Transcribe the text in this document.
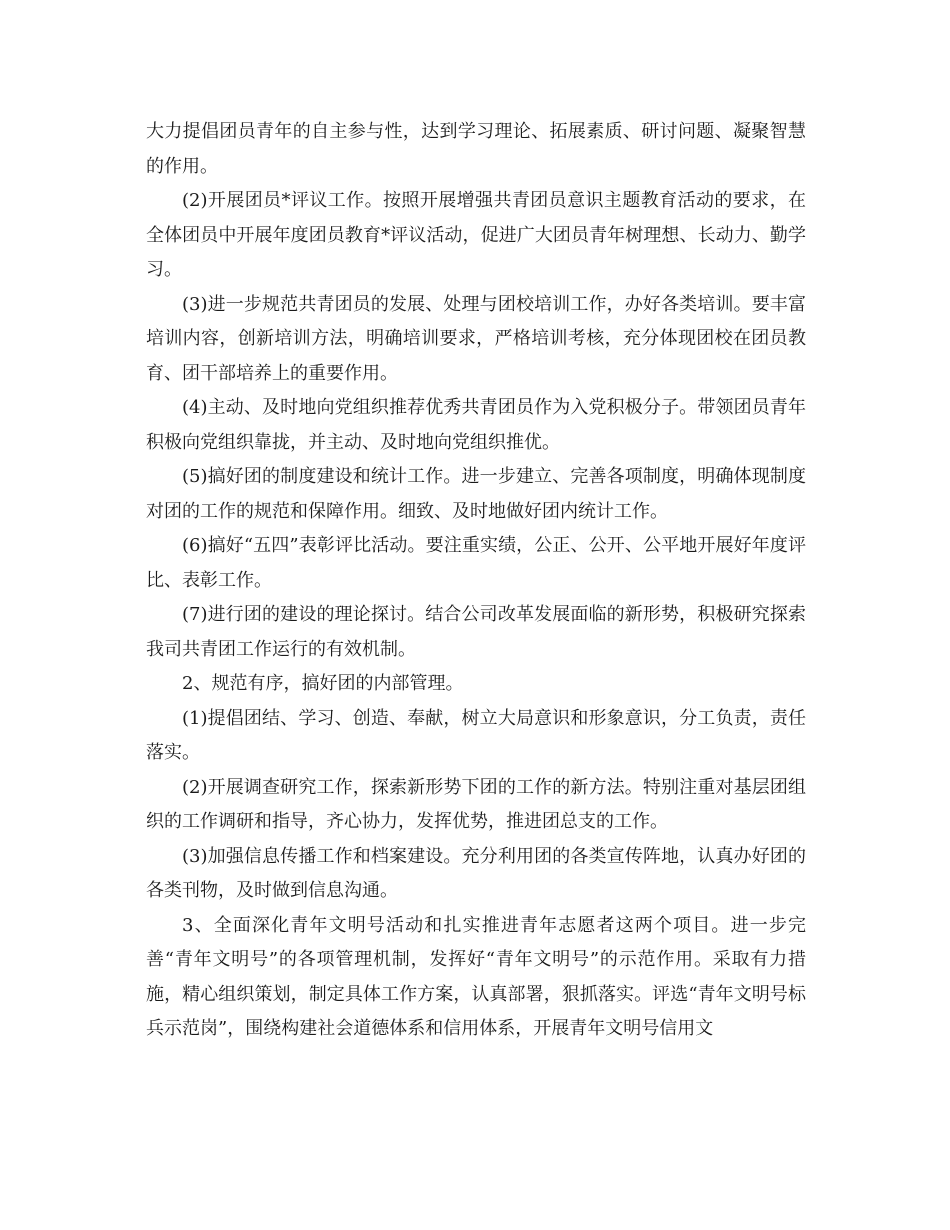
大力提倡团员青年的自主参与性，达到学习理论、拓展素质、研讨问题、凝聚智慧的作用。

(2)开展团员*评议工作。按照开展增强共青团员意识主题教育活动的要求，在全体团员中开展年度团员教育*评议活动，促进广大团员青年树理想、长动力、勤学习。

(3)进一步规范共青团员的发展、处理与团校培训工作，办好各类培训。要丰富培训内容，创新培训方法，明确培训要求，严格培训考核，充分体现团校在团员教育、团干部培养上的重要作用。

(4)主动、及时地向党组织推荐优秀共青团员作为入党积极分子。带领团员青年积极向党组织靠拢，并主动、及时地向党组织推优。

(5)搞好团的制度建设和统计工作。进一步建立、完善各项制度，明确体现制度对团的工作的规范和保障作用。细致、及时地做好团内统计工作。

(6)搞好“五四”表彰评比活动。要注重实绩，公正、公开、公平地开展好年度评比、表彰工作。

(7)进行团的建设的理论探讨。结合公司改革发展面临的新形势，积极研究探索我司共青团工作运行的有效机制。

2、规范有序，搞好团的内部管理。

(1)提倡团结、学习、创造、奉献，树立大局意识和形象意识，分工负责，责任落实。

(2)开展调查研究工作，探索新形势下团的工作的新方法。特别注重对基层团组织的工作调研和指导，齐心协力，发挥优势，推进团总支的工作。

(3)加强信息传播工作和档案建设。充分利用团的各类宣传阵地，认真办好团的各类刊物，及时做到信息沟通。

3、全面深化青年文明号活动和扎实推进青年志愿者这两个项目。进一步完善“青年文明号”的各项管理机制，发挥好“青年文明号”的示范作用。采取有力措施，精心组织策划，制定具体工作方案，认真部署，狠抓落实。评选“青年文明号标兵示范岗”，围绕构建社会道德体系和信用体系，开展青年文明号信用文
